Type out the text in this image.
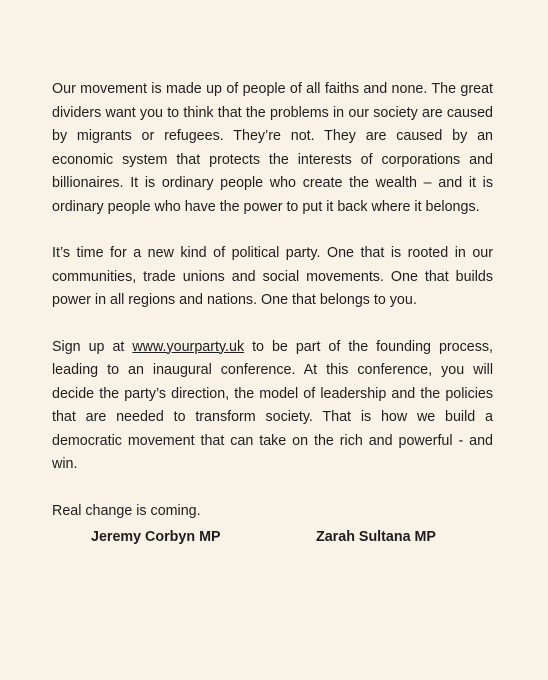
Our movement is made up of people of all faiths and none. The great dividers want you to think that the problems in our society are caused by migrants or refugees. They’re not. They are caused by an economic system that protects the interests of corporations and billionaires. It is ordinary people who create the wealth – and it is ordinary people who have the power to put it back where it belongs.

It’s time for a new kind of political party. One that is rooted in our communities, trade unions and social movements. One that builds power in all regions and nations. One that belongs to you.

Sign up at www.yourparty.uk to be part of the founding process, leading to an inaugural conference. At this conference, you will decide the party’s direction, the model of leadership and the policies that are needed to transform society. That is how we build a democratic movement that can take on the rich and powerful - and win.

Real change is coming.

Jeremy Corbyn MP	Zarah Sultana MP
